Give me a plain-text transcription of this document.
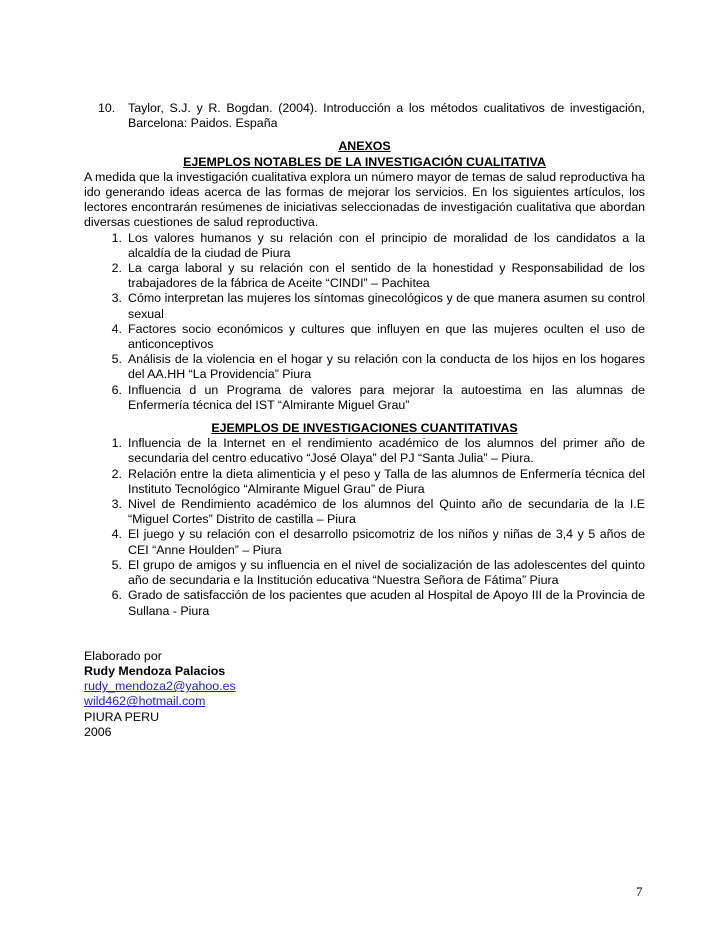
10.	Taylor, S.J. y R. Bogdan. (2004). Introducción a los métodos cualitativos de investigación, Barcelona: Paidos. España
ANEXOS
EJEMPLOS NOTABLES DE LA INVESTIGACIÓN CUALITATIVA
A medida que la investigación cualitativa explora un número mayor de temas de salud reproductiva ha ido generando ideas acerca de las formas de mejorar los servicios. En los siguientes artículos, los lectores encontrarán resúmenes de iniciativas seleccionadas de investigación cualitativa que abordan diversas cuestiones de salud reproductiva.
1. Los valores humanos y su relación con el principio de moralidad de los candidatos a la alcaldía de la ciudad de Piura
2. La carga laboral y su relación con el sentido de la honestidad y Responsabilidad de los trabajadores de la fábrica de Aceite “CINDI” – Pachitea
3. Cómo interpretan las mujeres los síntomas ginecológicos y de que manera asumen su control sexual
4. Factores socio económicos y cultures que influyen en que las mujeres oculten el uso de anticonceptivos
5. Análisis de la violencia en el hogar y su relación con la conducta de los hijos en los hogares del AA.HH “La Providencia” Piura
6. Influencia d un Programa de valores para mejorar la autoestima en las alumnas de Enfermería técnica del IST “Almirante Miguel Grau”
EJEMPLOS DE INVESTIGACIONES CUANTITATIVAS
1. Influencia de la Internet en el rendimiento académico de los alumnos del primer año de secundaria del centro educativo “José Olaya” del PJ “Santa Julia” – Piura.
2. Relación entre la dieta alimenticia y el peso y Talla de las alumnos de Enfermería técnica del Instituto Tecnológico “Almirante Miguel Grau” de Piura
3. Nivel de Rendimiento académico de los alumnos del Quinto año de secundaria de la I.E “Miguel Cortes” Distrito de castilla – Piura
4. El juego y su relación con el desarrollo psicomotriz de los niños y niñas de 3,4 y 5 años de CEI “Anne Houlden” – Piura
5. El grupo de amigos y su influencia en el nivel de socialización de las adolescentes del quinto año de secundaria e la Institución educativa “Nuestra Señora de Fátima” Piura
6. Grado de satisfacción de los pacientes que acuden al Hospital de Apoyo III de la Provincia de Sullana - Piura
Elaborado por
Rudy Mendoza Palacios
rudy_mendoza2@yahoo.es
wild462@hotmail.com
PIURA PERU
2006
7
